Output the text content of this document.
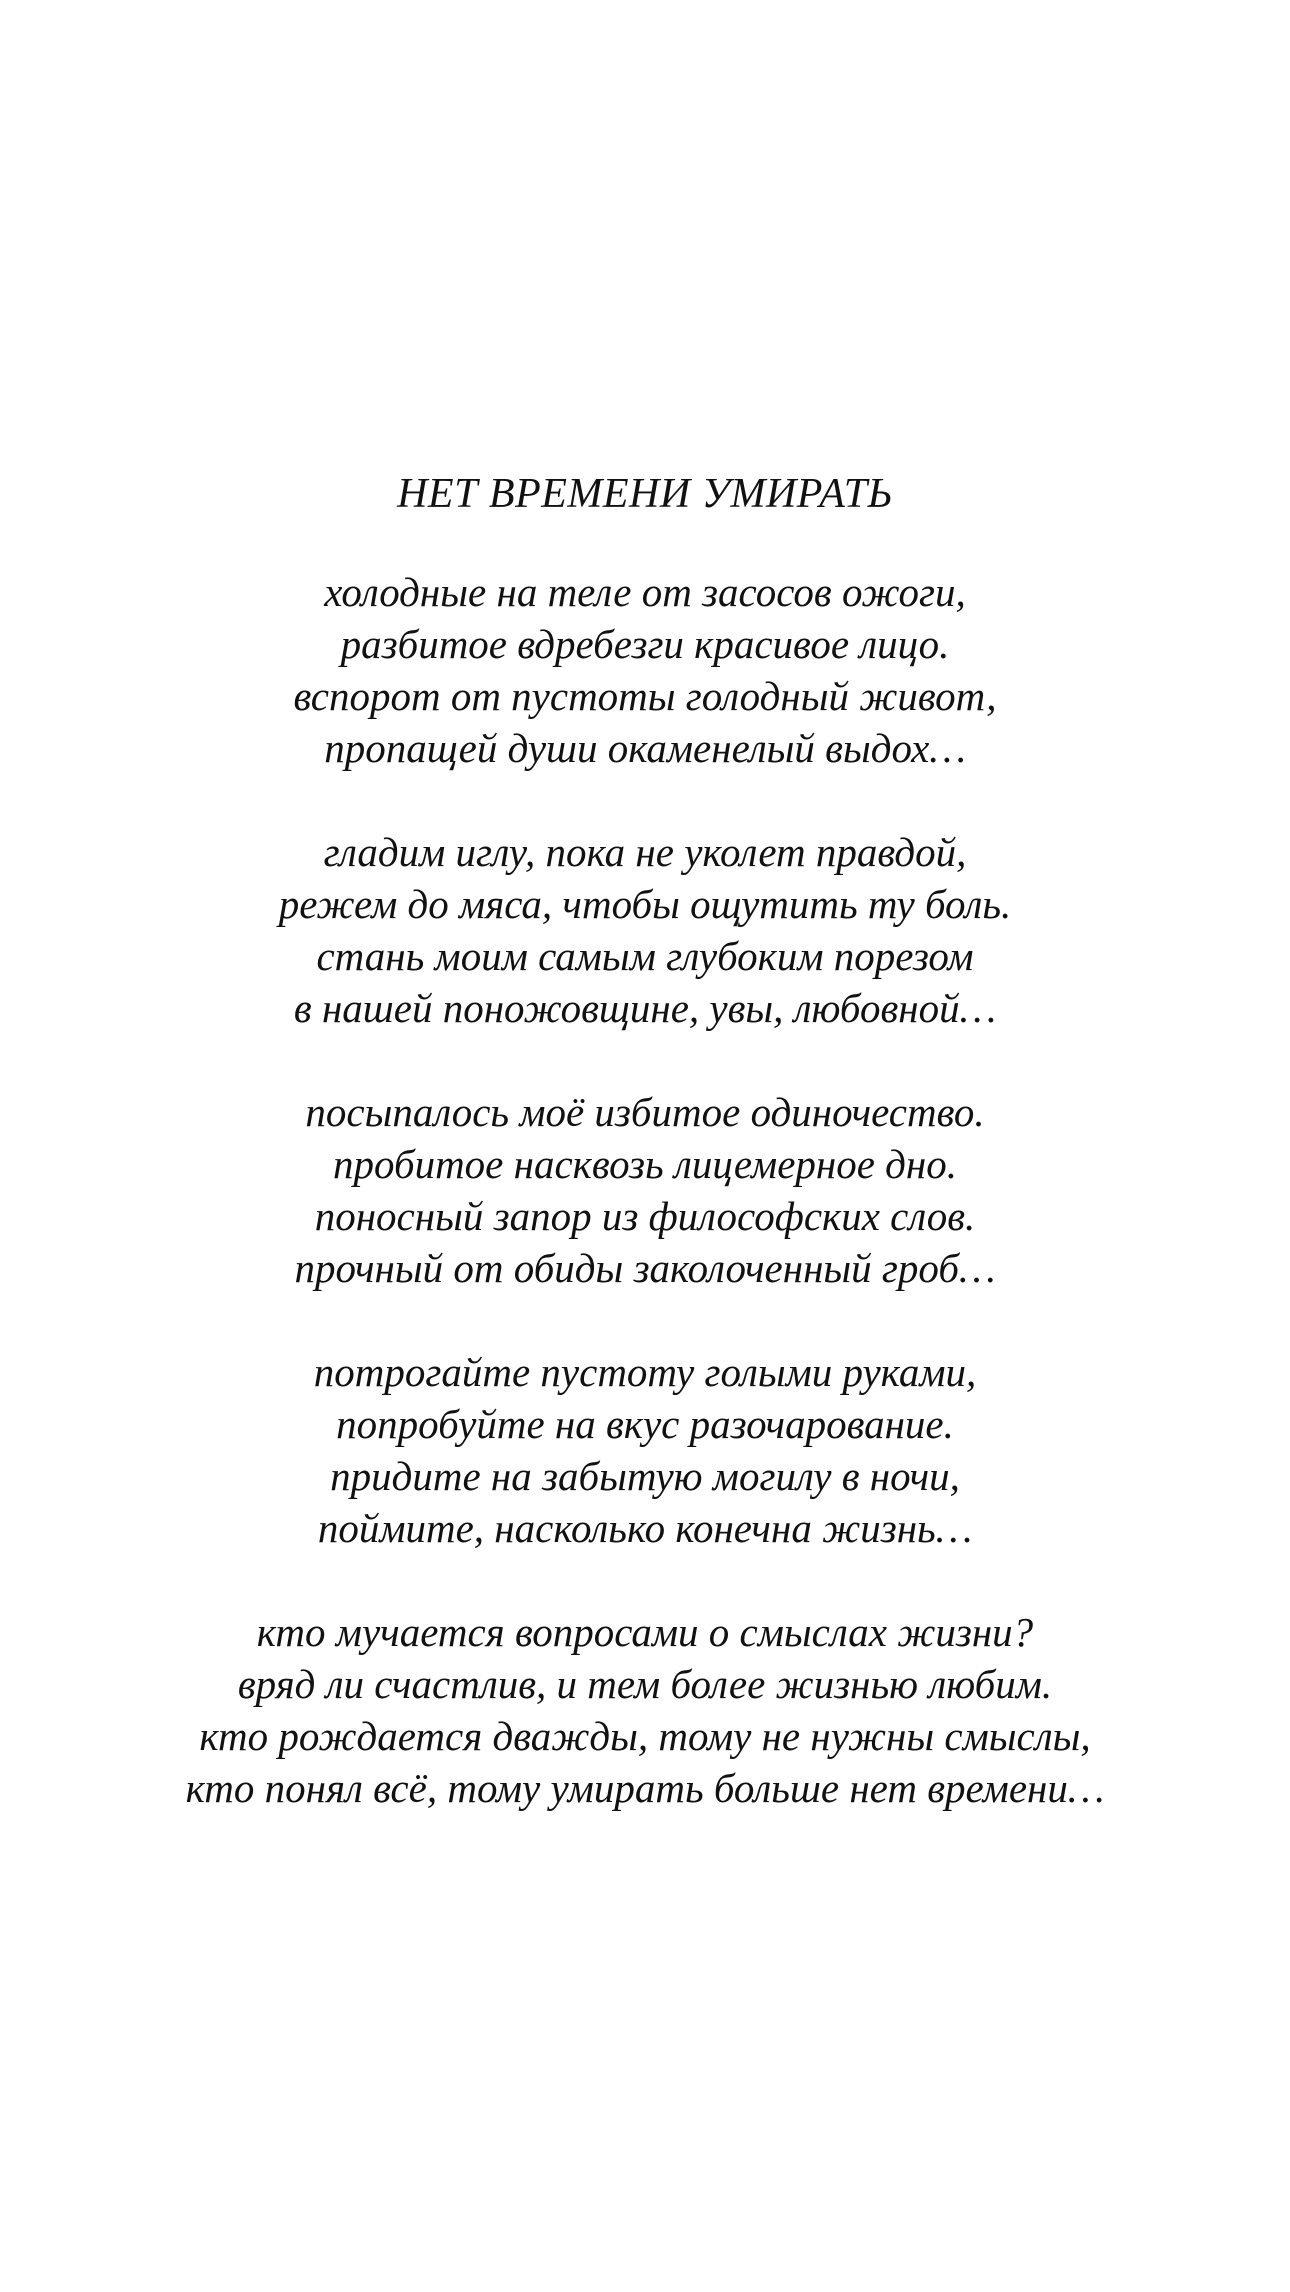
НЕТ ВРЕМЕНИ УМИРАТЬ
холодные на теле от засосов ожоги,
разбитое вдребезги красивое лицо.
вспорот от пустоты голодный живот,
пропащей души окаменелый выдох…
гладим иглу, пока не уколет правдой,
режем до мяса, чтобы ощутить ту боль.
стань моим самым глубоким порезом
в нашей поножовщине, увы, любовной…
посыпалось моё избитое одиночество.
пробитое насквозь лицемерное дно.
поносный запор из философских слов.
прочный от обиды заколоченный гроб…
потрогайте пустоту голыми руками,
попробуйте на вкус разочарование.
придите на забытую могилу в ночи,
поймите, насколько конечна жизнь…
кто мучается вопросами о смыслах жизни?
вряд ли счастлив, и тем более жизнью любим.
кто рождается дважды, тому не нужны смыслы,
кто понял всё, тому умирать больше нет времени…
